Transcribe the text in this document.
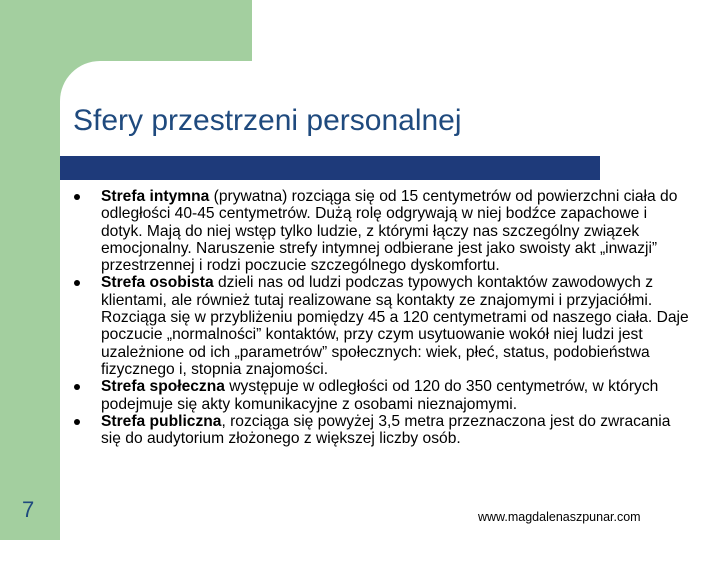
Sfery przestrzeni personalnej
Strefa intymna (prywatna) rozciąga się od 15 centymetrów od powierzchni ciała do odległości 40-45 centymetrów. Dużą rolę odgrywają w niej bodźce zapachowe i dotyk. Mają do niej wstęp tylko ludzie, z którymi łączy nas szczególny związek emocjonalny. Naruszenie strefy intymnej odbierane jest jako swoisty akt „inwazji” przestrzennej i rodzi poczucie szczególnego dyskomfortu.
Strefa osobista dzieli nas od ludzi podczas typowych kontaktów zawodowych z klientami, ale również tutaj realizowane są kontakty ze znajomymi i przyjaciółmi. Rozciąga się w przybliżeniu pomiędzy 45 a 120 centymetrami od naszego ciała. Daje poczucie „normalności” kontaktów, przy czym usytuowanie wokół niej ludzi jest uzależnione od ich „parametrów” społecznych: wiek, płeć, status, podobieństwa fizycznego i, stopnia znajomości.
Strefa społeczna występuje w odległości od 120 do 350 centymetrów, w których podejmuje się akty komunikacyjne z osobami nieznajomymi.
Strefa publiczna, rozciąga się powyżej 3,5 metra przeznaczona jest do zwracania się do audytorium złożonego z większej liczby osób.
7	www.magdalenaszpunar.com
